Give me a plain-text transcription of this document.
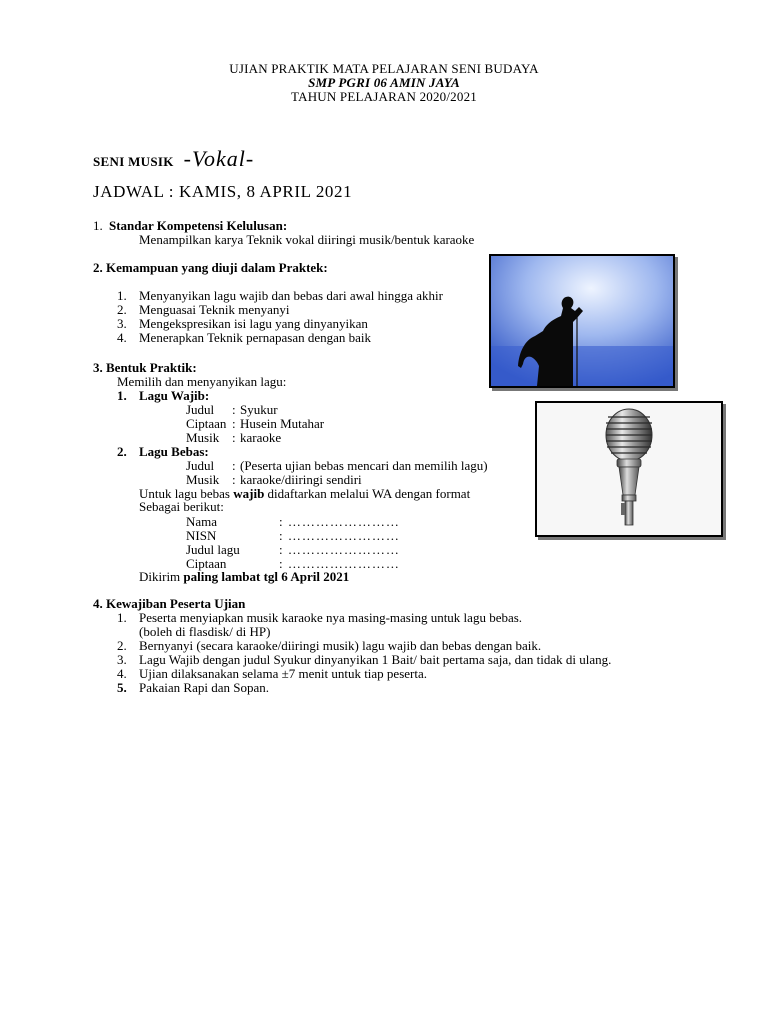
UJIAN PRAKTIK MATA PELAJARAN SENI BUDAYA
SMP PGRI 06 AMIN JAYA
TAHUN PELAJARAN 2020/2021
SENI MUSIK -Vokal-
JADWAL : KAMIS, 8 APRIL 2021
1. Standar Kompetensi Kelulusan:
Menampilkan karya Teknik vokal diiringi musik/bentuk karaoke
2. Kemampuan yang diuji dalam Praktek:
1. Menyanyikan lagu wajib dan bebas dari awal hingga akhir
2. Menguasai Teknik menyanyi
3. Mengekspresikan isi lagu yang dinyanyikan
4. Menerapkan Teknik pernapasan dengan baik
3. Bentuk Praktik:
Memilih dan menyanyikan lagu:
1. Lagu Wajib:
Judul : Syukur
Ciptaan : Husein Mutahar
Musik : karaoke
2. Lagu Bebas:
Judul : (Peserta ujian bebas mencari dan memilih lagu)
Musik : karaoke/diiringi sendiri
Untuk lagu bebas wajib didaftarkan melalui WA dengan format
Sebagai berikut:
Nama	: ……………………
NISN	: ……………………
Judul lagu	: ……………………
Ciptaan	: ……………………
Dikirim paling lambat tgl 6 April 2021
4. Kewajiban Peserta Ujian
1. Peserta menyiapkan musik karaoke nya masing-masing untuk lagu bebas.
(boleh di flasdisk/ di HP)
2. Bernyanyi (secara karaoke/diiringi musik) lagu wajib dan bebas dengan baik.
3. Lagu Wajib dengan judul Syukur dinyanyikan 1 Bait/ bait pertama saja, dan tidak di ulang.
4. Ujian dilaksanakan selama ±7 menit untuk tiap peserta.
5. Pakaian Rapi dan Sopan.
